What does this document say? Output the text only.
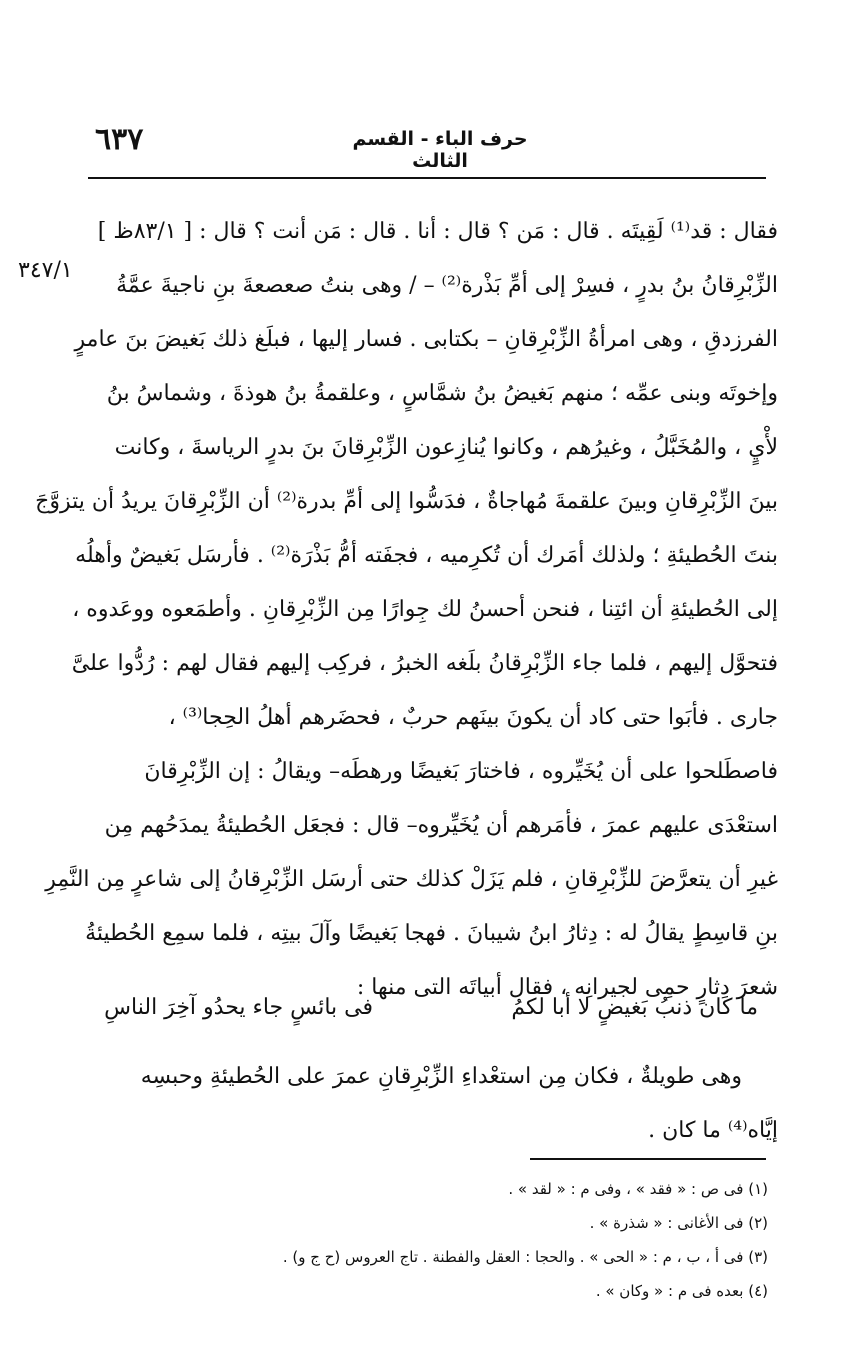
٦٣٧	حرف الباء - القسم الثالث
٣٤٧/١
فقال : قد⁽¹⁾ لَقِيتَه . قال : مَن ؟ قال : أنا . قال : مَن أنت ؟ قال : [ ٨٣/١ظ ]
الزِّبْرِقانُ بنُ بدرٍ ، فسِرْ إلى أمِّ بَذْرة⁽²⁾ – / وهى بنتُ صعصعةَ بنِ ناجيةَ عمَّةُ
الفرزدقِ ، وهى امرأةُ الزِّبْرِقانِ – بكتابى . فسار إليها ، فبلَغ ذلك بَغيضَ بنَ عامرٍ
وإخوتَه وبنى عمِّه ؛ منهم بَغيضُ بنُ شمَّاسٍ ، وعلقمةُ بنُ هوذةَ ، وشماسُ بنُ
لأْيٍ ، والمُخَبَّلُ ، وغيرُهم ، وكانوا يُنازِعون الزِّبْرِقانَ بنَ بدرٍ الرياسةَ ، وكانت
بينَ الزِّبْرِقانِ وبينَ علقمةَ مُهاجاةٌ ، فدَسُّوا إلى أمِّ بدرة⁽²⁾ أن الزِّبْرِقانَ يريدُ أن يتزوَّجَ
بنتَ الحُطيئةِ ؛ ولذلك أمَرك أن تُكرِميه ، فجفَته أمُّ بَذْرَة⁽²⁾ . فأرسَل بَغيضٌ وأهلُه
إلى الحُطيئةِ أن ائتِنا ، فنحن أحسنُ لك جِوارًا مِن الزِّبْرِقانِ . وأطمَعوه ووعَدوه ،
فتحوَّل إليهم ، فلما جاء الزِّبْرِقانُ بلَغه الخبرُ ، فركِب إليهم فقال لهم : رُدُّوا علىَّ
جارى . فأبَوا حتى كاد أن يكونَ بينَهم حربٌ ، فحضَرهم أهلُ الحِجا⁽³⁾ ،
فاصطَلحوا على أن يُخَيِّروه ، فاختارَ بَغيضًا ورهطَه– ويقالُ : إن الزِّبْرِقانَ
استعْدَى عليهم عمرَ ، فأمَرهم أن يُخَيِّروه– قال : فجعَل الحُطيئةُ يمدَحُهم مِن
غيرِ أن يتعرَّضَ للزِّبْرِقانِ ، فلم يَزَلْ كذلك حتى أرسَل الزِّبْرِقانُ إلى شاعرٍ مِن النَّمِرِ
بنِ قاسِطٍ يقالُ له : دِثارُ ابنُ شيبانَ . فهجا بَغيضًا وآلَ بيتِه ، فلما سمِع الحُطيئةُ
شعرَ دِثارٍ حمِى لجيرانِه ، فقال أبياتَه التى منها :
ما كان ذنبُ بَغيضٍ لا أبا لكمُ
فى بائسٍ جاء يحدُو آخِرَ الناسِ
وهى طويلةٌ ، فكان مِن استعْداءِ الزِّبْرِقانِ عمرَ على الحُطيئةِ وحبسِه
إيَّاه⁽⁴⁾ ما كان .
(١) فى ص : « فقد » ، وفى م : « لقد » .
(٢) فى الأغانى : « شذرة » .
(٣) فى أ ، ب ، م : « الحى » . والحجا : العقل والفطنة . تاج العروس (ح ج و) .
(٤) بعده فى م : « وكان » .
